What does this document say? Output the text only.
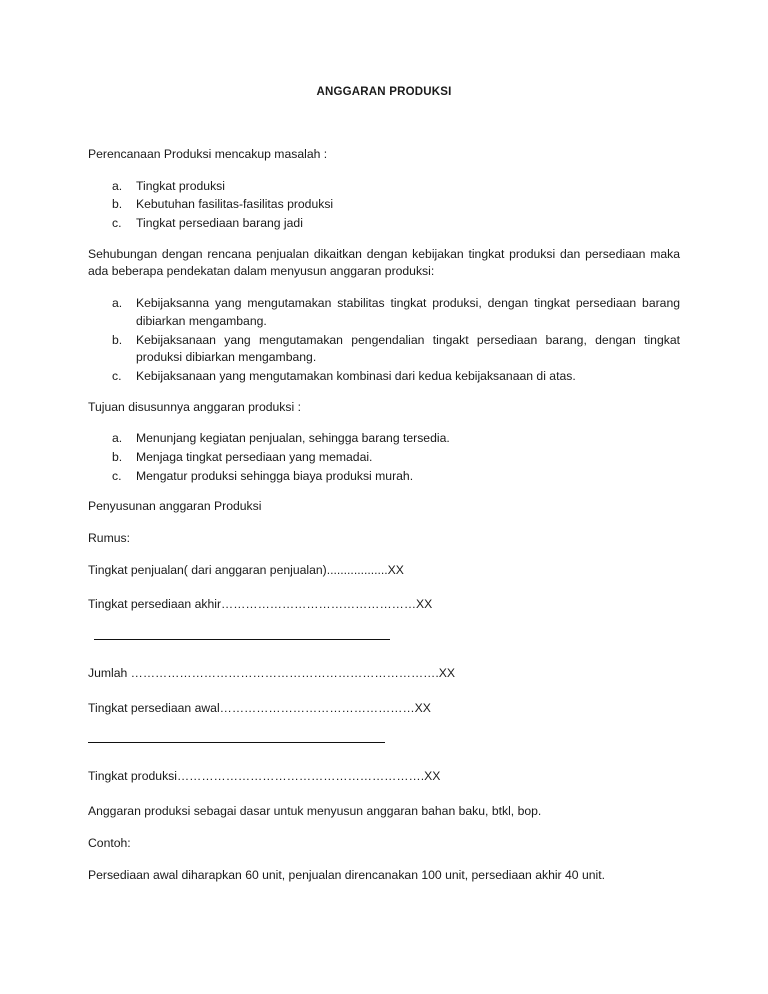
ANGGARAN PRODUKSI

Perencanaan Produksi mencakup masalah :

a.	Tingkat produksi
b.	Kebutuhan fasilitas-fasilitas produksi
c.	Tingkat persediaan barang jadi

Sehubungan dengan rencana penjualan dikaitkan dengan kebijakan tingkat produksi dan persediaan maka ada beberapa pendekatan dalam menyusun anggaran produksi:

a.	Kebijaksanna yang mengutamakan stabilitas tingkat produksi, dengan tingkat persediaan barang dibiarkan mengambang.
b.	Kebijaksanaan yang mengutamakan pengendalian tingakt persediaan barang, dengan tingkat produksi dibiarkan mengambang.
c.	Kebijaksanaan yang mengutamakan kombinasi dari kedua kebijaksanaan di atas.

Tujuan disusunnya anggaran produksi :

a.	Menunjang kegiatan penjualan, sehingga barang tersedia.
b.	Menjaga tingkat persediaan yang memadai.
c.	Mengatur produksi sehingga biaya produksi murah.

Penyusunan anggaran Produksi

Rumus:

Tingkat penjualan( dari anggaran penjualan)..................XX
Tingkat persediaan akhir…………………………………………XX
Jumlah ………………………………………………………………….XX
Tingkat persediaan awal…………………………………………XX
Tingkat produksi…………………………………………………….XX

Anggaran produksi sebagai dasar untuk menyusun anggaran bahan baku, btkl, bop.

Contoh:

Persediaan awal diharapkan 60 unit, penjualan direncanakan 100 unit, persediaan akhir 40 unit.
